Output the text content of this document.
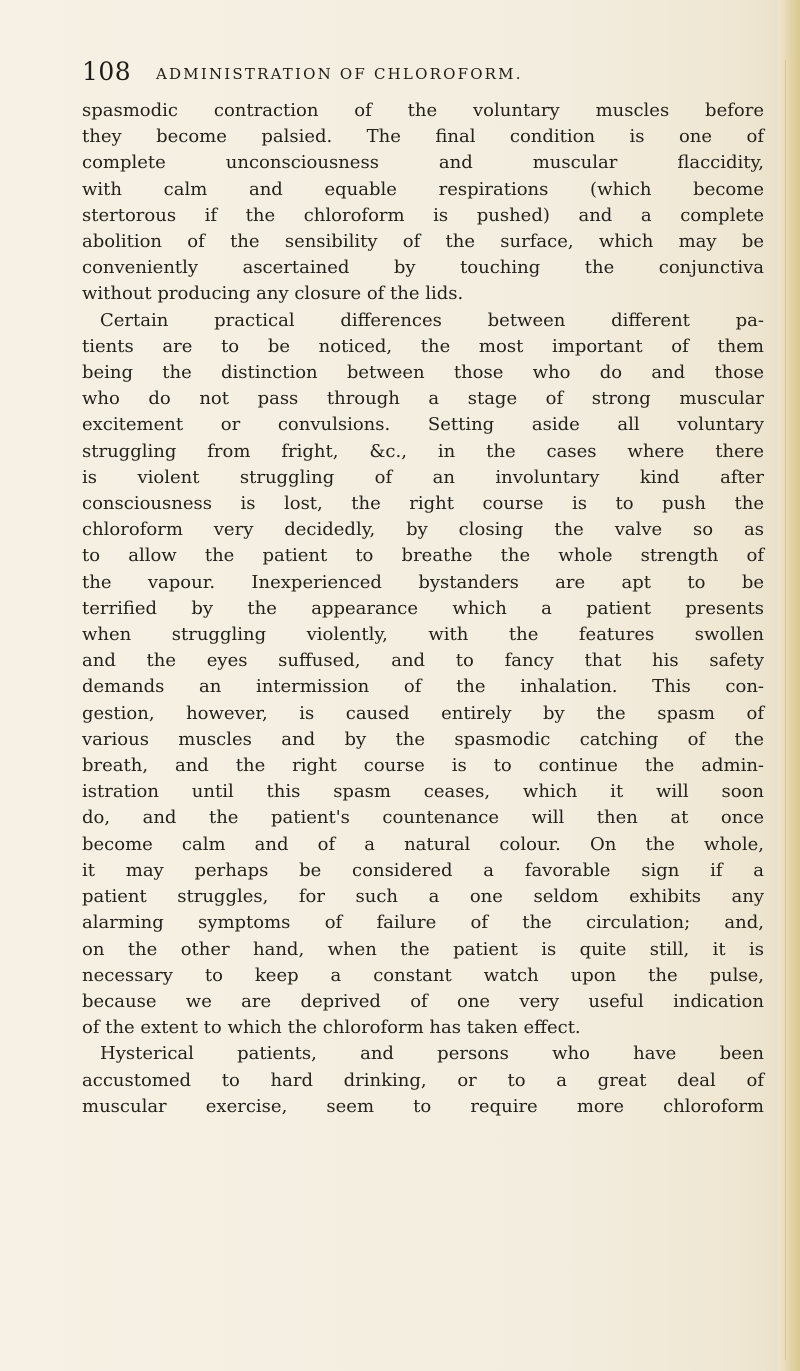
108 ADMINISTRATION OF CHLOROFORM.
spasmodic contraction of the voluntary muscles before
they become palsied. The final condition is one of
complete unconsciousness and muscular flaccidity,
with calm and equable respirations (which become
stertorous if the chloroform is pushed) and a complete
abolition of the sensibility of the surface, which may be
conveniently ascertained by touching the conjunctiva
without producing any closure of the lids.
Certain practical differences between different pa-
tients are to be noticed, the most important of them
being the distinction between those who do and those
who do not pass through a stage of strong muscular
excitement or convulsions. Setting aside all voluntary
struggling from fright, &c., in the cases where there
is violent struggling of an involuntary kind after
consciousness is lost, the right course is to push the
chloroform very decidedly, by closing the valve so as
to allow the patient to breathe the whole strength of
the vapour. Inexperienced bystanders are apt to be
terrified by the appearance which a patient presents
when struggling violently, with the features swollen
and the eyes suffused, and to fancy that his safety
demands an intermission of the inhalation. This con-
gestion, however, is caused entirely by the spasm of
various muscles and by the spasmodic catching of the
breath, and the right course is to continue the admin-
istration until this spasm ceases, which it will soon
do, and the patient's countenance will then at once
become calm and of a natural colour. On the whole,
it may perhaps be considered a favorable sign if a
patient struggles, for such a one seldom exhibits any
alarming symptoms of failure of the circulation; and,
on the other hand, when the patient is quite still, it is
necessary to keep a constant watch upon the pulse,
because we are deprived of one very useful indication
of the extent to which the chloroform has taken effect.
Hysterical patients, and persons who have been
accustomed to hard drinking, or to a great deal of
muscular exercise, seem to require more chloroform
